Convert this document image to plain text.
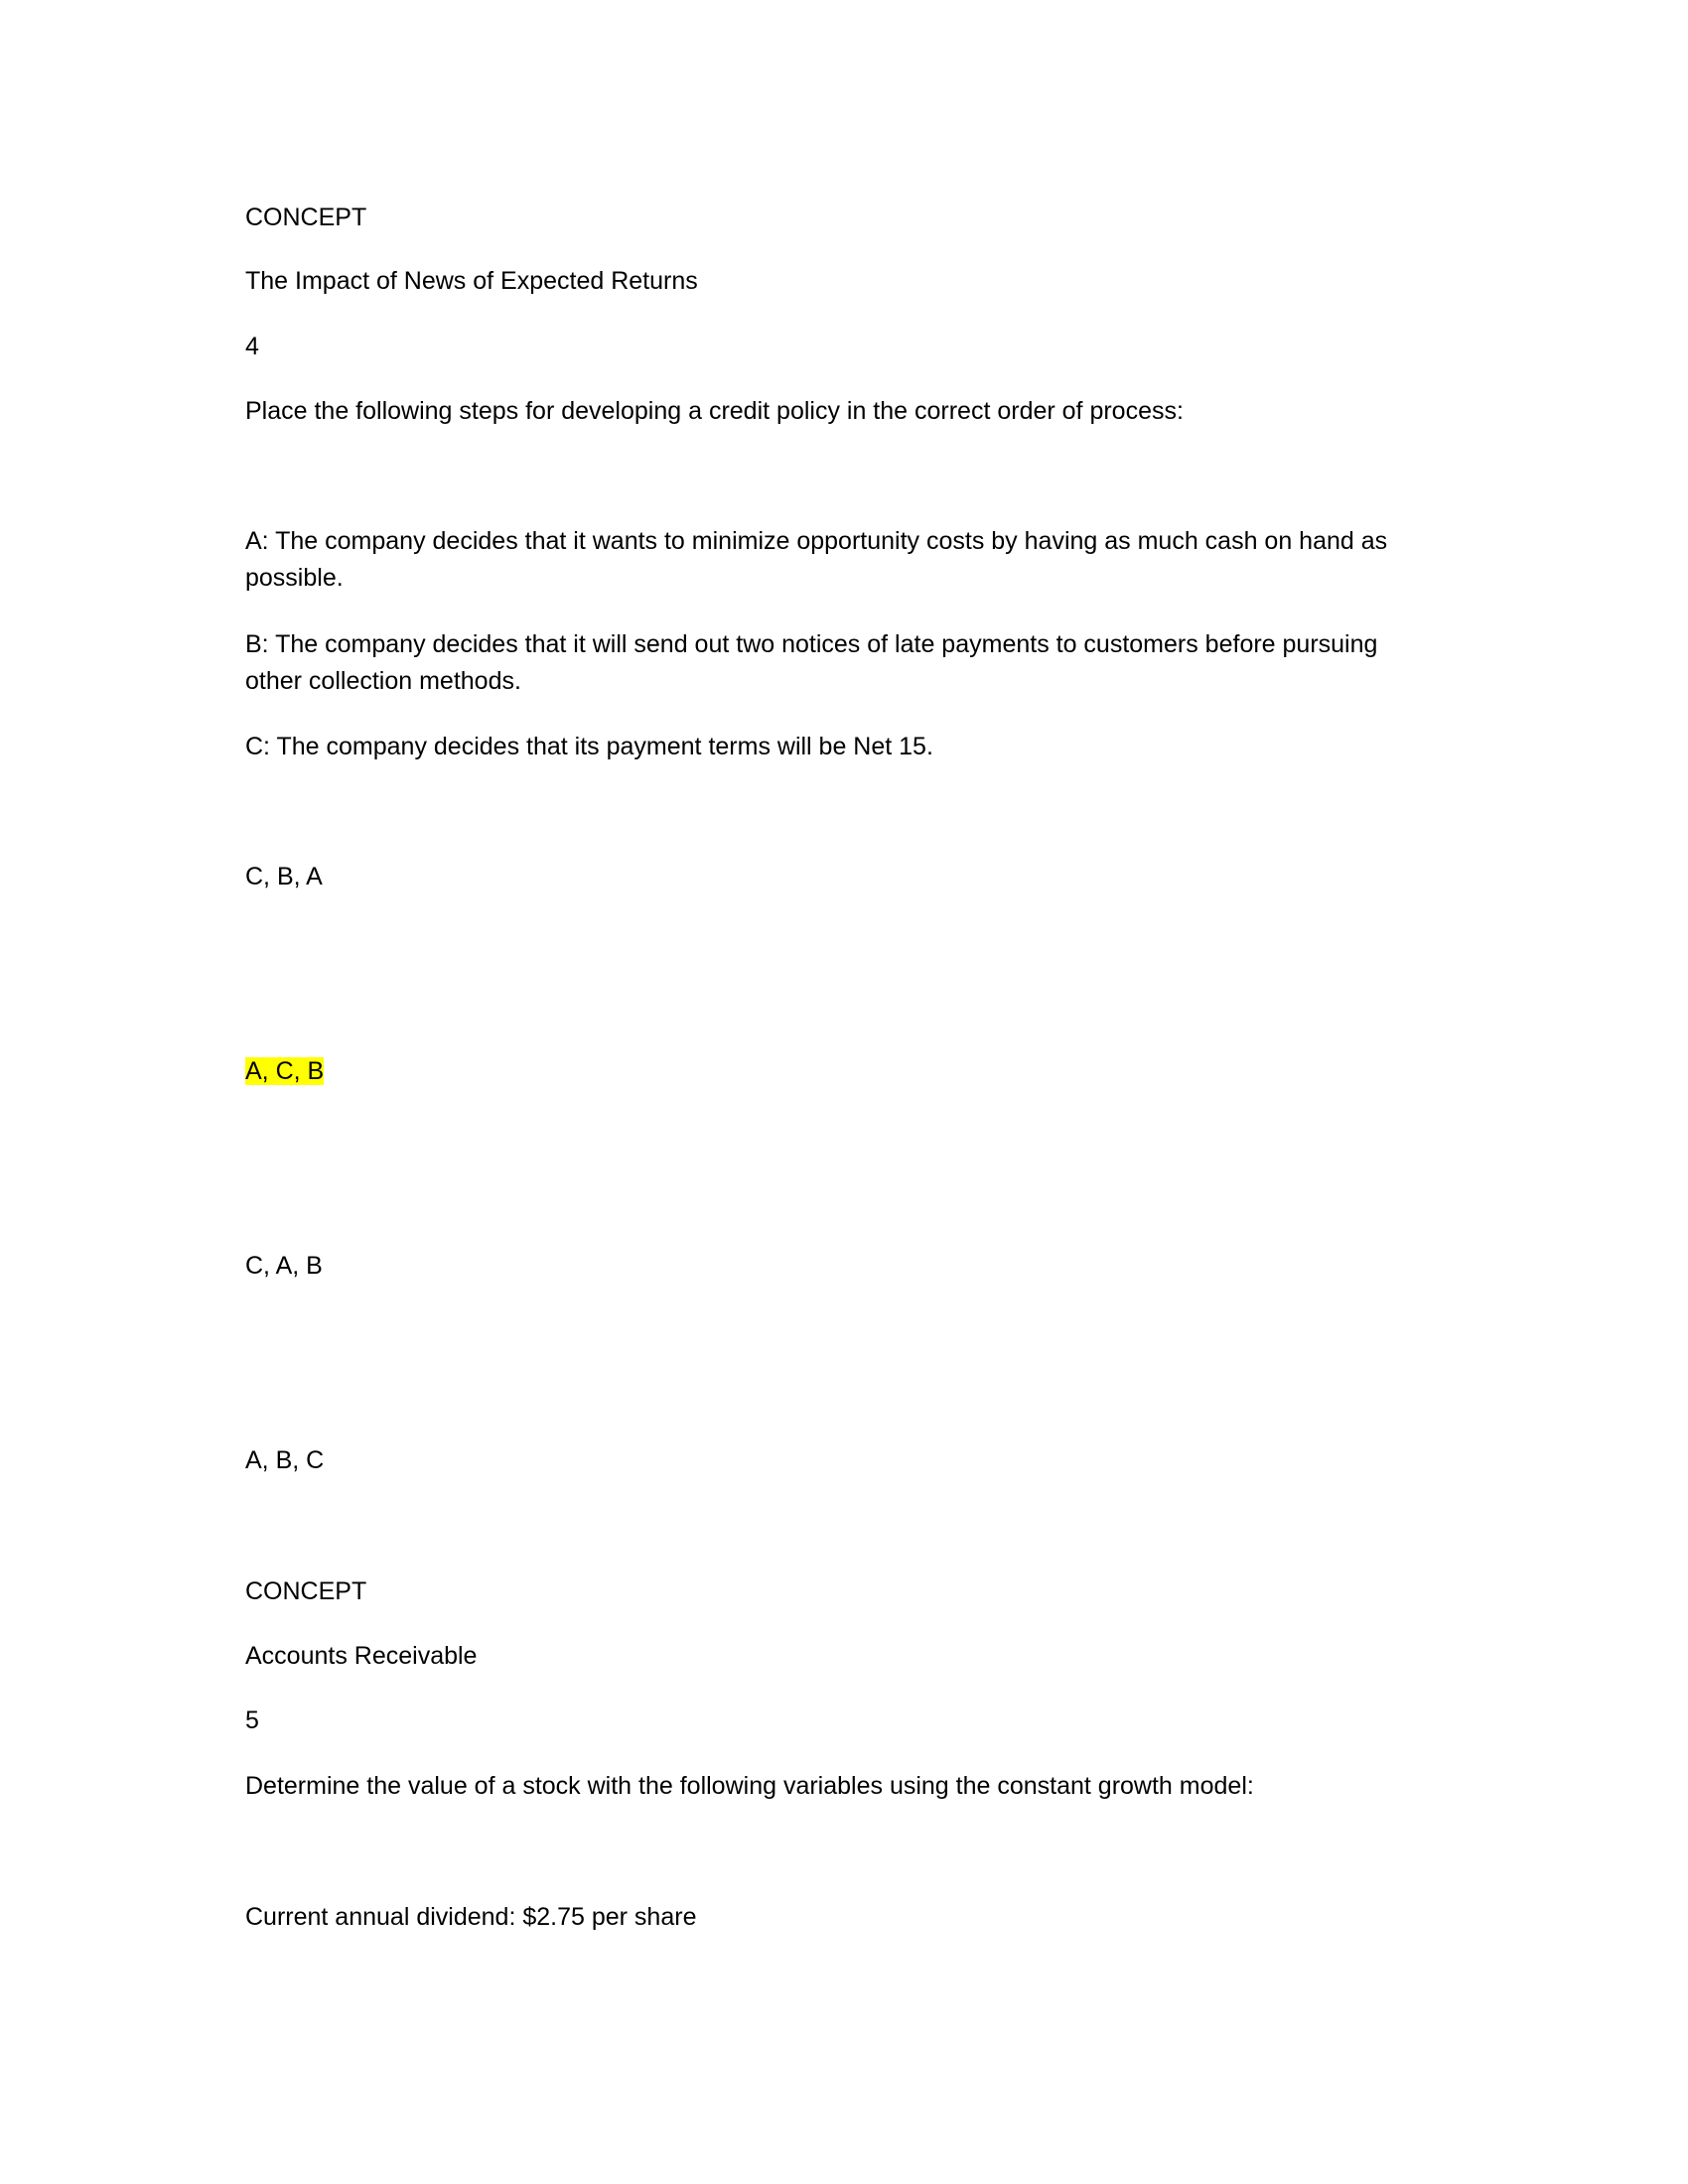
CONCEPT
The Impact of News of Expected Returns
4
Place the following steps for developing a credit policy in the correct order of process:
A: The company decides that it wants to minimize opportunity costs by having as much cash on hand as possible.
B: The company decides that it will send out two notices of late payments to customers before pursuing other collection methods.
C: The company decides that its payment terms will be Net 15.
C, B, A
A, C, B
C, A, B
A, B, C
CONCEPT
Accounts Receivable
5
Determine the value of a stock with the following variables using the constant growth model:
Current annual dividend: $2.75 per share
